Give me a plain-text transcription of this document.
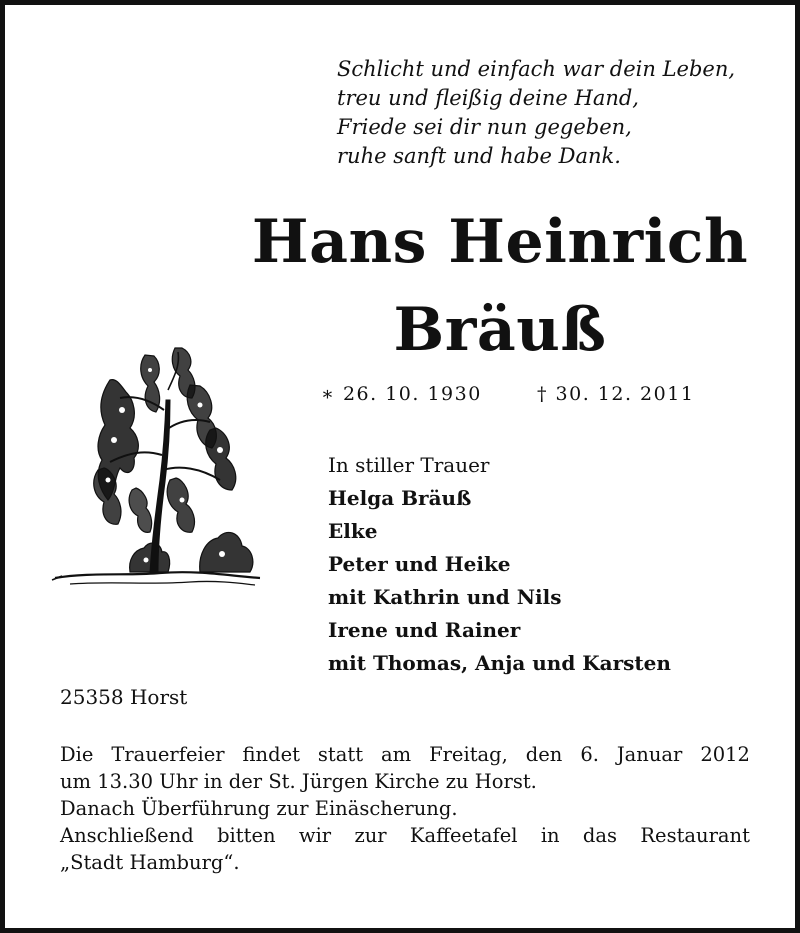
Schlicht und einfach war dein Leben,
treu und fleißig deine Hand,
Friede sei dir nun gegeben,
ruhe sanft und habe Dank.
Hans Heinrich
Bräuß
∗ 26. 10. 1930	† 30. 12. 2011
In stiller Trauer
Helga Bräuß
Elke
Peter und Heike
mit Kathrin und Nils
Irene und Rainer
mit Thomas, Anja und Karsten
25358 Horst
Die Trauerfeier findet statt am Freitag, den 6. Januar 2012
um 13.30 Uhr in der St. Jürgen Kirche zu Horst.
Danach Überführung zur Einäscherung.
Anschließend bitten wir zur Kaffeetafel in das Restaurant
„Stadt Hamburg“.
